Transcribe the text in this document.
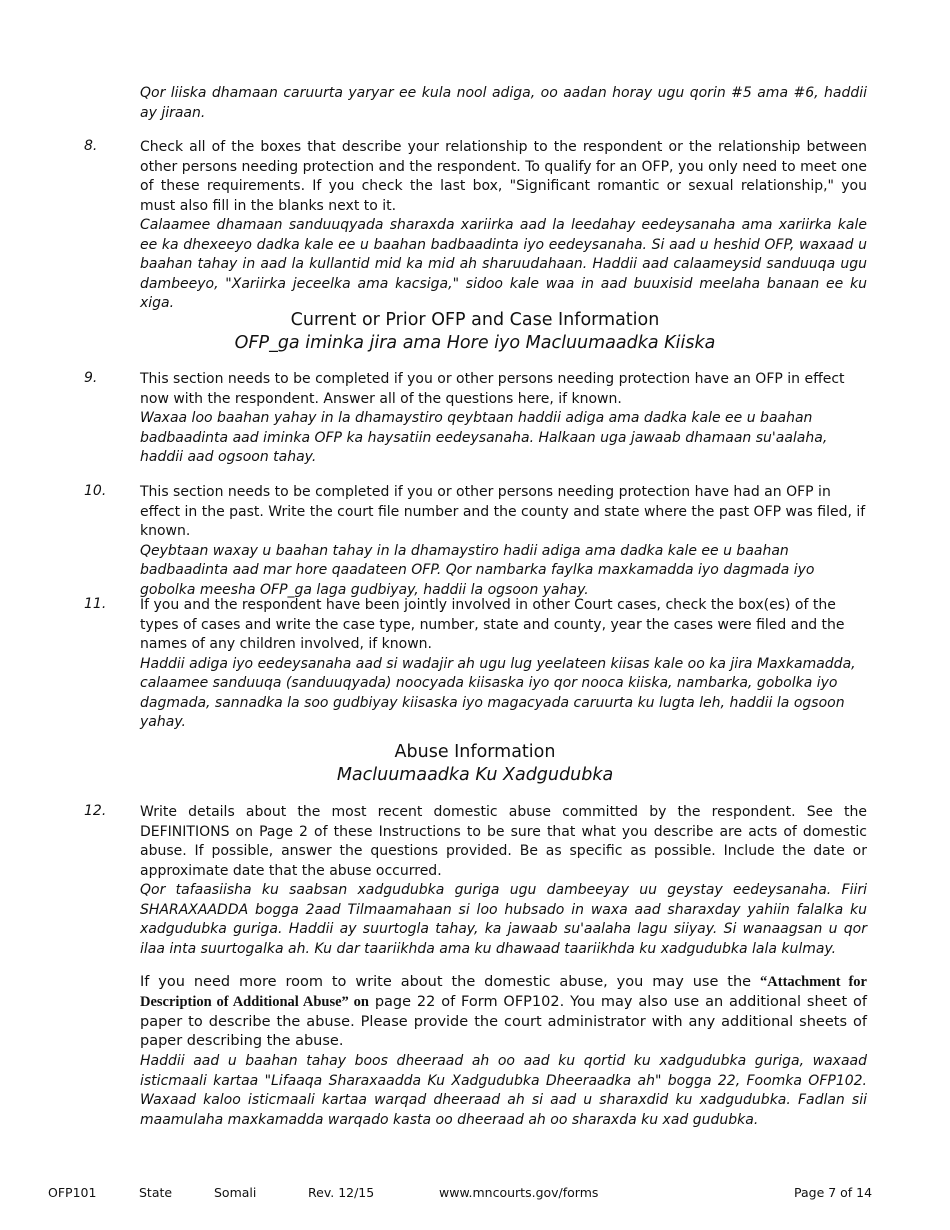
Qor liiska dhamaan caruurta yaryar ee kula nool adiga, oo aadan horay ugu qorin #5 ama #6, haddii ay jiraan.
8.	Check all of the boxes that describe your relationship to the respondent or the relationship between other persons needing protection and the respondent. To qualify for an OFP, you only need to meet one of these requirements. If you check the last box, "Significant romantic or sexual relationship," you must also fill in the blanks next to it.

Calaamee dhamaan sanduuqyada sharaxda xariirka aad la leedahay eedeysanaha ama xariirka kale ee ka dhexeeyo dadka kale ee u baahan badbaadinta iyo eedeysanaha. Si aad u heshid OFP, waxaad u baahan tahay in aad la kullantid mid ka mid ah sharuudahaan. Haddii aad calaameysid sanduuqa ugu dambeeyo, "Xariirka jeceelka ama kacsiga," sidoo kale waa in aad buuxisid meelaha banaan ee ku xiga.

Current or Prior OFP and Case Information
OFP_ga iminka jira ama Hore iyo Macluumaadka Kiiska
9.	This section needs to be completed if you or other persons needing protection have an OFP in effect now with the respondent. Answer all of the questions here, if known.

Waxaa loo baahan yahay in la dhamaystiro qeybtaan haddii adiga ama dadka kale ee u baahan badbaadinta aad iminka OFP ka haysatiin eedeysanaha. Halkaan uga jawaab dhamaan su'aalaha, haddii aad ogsoon tahay.

10. This section needs to be completed if you or other persons needing protection have had an OFP in effect in the past. Write the court file number and the county and state where the past OFP was filed, if known.

Qeybtaan waxay u baahan tahay in la dhamaystiro hadii adiga ama dadka kale ee u baahan badbaadinta aad mar hore qaadateen OFP. Qor nambarka faylka maxkamadda iyo dagmada iyo gobolka meesha OFP_ga laga gudbiyay, haddii la ogsoon yahay.

11. If you and the respondent have been jointly involved in other Court cases, check the box(es) of the types of cases and write the case type, number, state and county, year the cases were filed and the names of any children involved, if known.

Haddii adiga iyo eedeysanaha aad si wadajir ah ugu lug yeelateen kiisas kale oo ka jira Maxkamadda, calaamee sanduuqa (sanduuqyada) noocyada kiisaska iyo qor nooca kiiska, nambarka, gobolka iyo dagmada, sannadka la soo gudbiyay kiisaska iyo magacyada caruurta ku lugta leh, haddii la ogsoon yahay.

Abuse Information
Macluumaadka Ku Xadgudubka
12. Write details about the most recent domestic abuse committed by the respondent. See the DEFINITIONS on Page 2 of these Instructions to be sure that what you describe are acts of domestic abuse. If possible, answer the questions provided. Be as specific as possible. Include the date or approximate date that the abuse occurred.

Qor tafaasiisha ku saabsan xadgudubka guriga ugu dambeeyay uu geystay eedeysanaha. Fiiri SHARAXAADDA bogga 2aad Tilmaamahaan si loo hubsado in waxa aad sharaxday yahiin falalka ku xadgudubka guriga. Haddii ay suurtogla tahay, ka jawaab su'aalaha lagu siiyay. Si wanaagsan u qor ilaa inta suurtogalka ah. Ku dar taariikhda ama ku dhawaad taariikhda ku xadgudubka lala kulmay.

If you need more room to write about the domestic abuse, you may use the “Attachment for Description of Additional Abuse” on page 22 of Form OFP102. You may also use an additional sheet of paper to describe the abuse. Please provide the court administrator with any additional sheets of paper describing the abuse.

Haddii aad u baahan tahay boos dheeraad ah oo aad ku qortid ku xadgudubka guriga, waxaad isticmaali kartaa "Lifaaqa Sharaxaadda Ku Xadgudubka Dheeraadka ah" bogga 22, Foomka OFP102. Waxaad kaloo isticmaali kartaa warqad dheeraad ah si aad u sharaxdid ku xadgudubka. Fadlan sii maamulaha maxkamadda warqado kasta oo dheeraad ah oo sharaxda ku xad gudubka.

OFP101	State	Somali	Rev. 12/15	www.mncourts.gov/forms	Page 7 of 14
